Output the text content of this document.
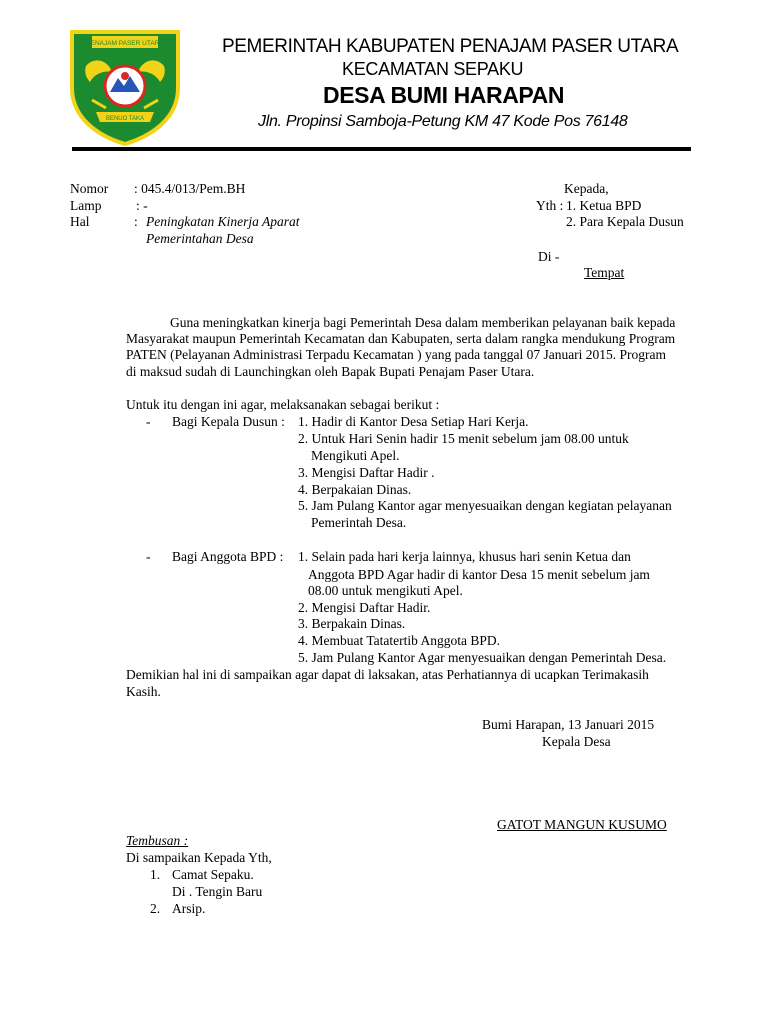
PENAJAM PASER UTARA
BENUO TAKA
PEMERINTAH KABUPATEN PENAJAM PASER UTARA
KECAMATAN SEPAKU
DESA BUMI HARAPAN
Jln. Propinsi Samboja-Petung KM 47 Kode Pos 76148
Nomor : 045.4/013/Pem.BH
Lamp	: -
Hal	: Peningkatan Kinerja Aparat
Pemerintahan Desa
Kepada,
Yth : 1. Ketua BPD
2. Para Kepala Dusun
Di -
Tempat
Guna meningkatkan kinerja bagi Pemerintah Desa dalam memberikan pelayanan baik kepada
Masyarakat maupun Pemerintah Kecamatan dan Kabupaten, serta dalam rangka mendukung Program
PATEN (Pelayanan Administrasi Terpadu Kecamatan ) yang pada tanggal 07 Januari 2015. Program
di maksud sudah di Launchingkan oleh Bapak Bupati Penajam Paser Utara.
Untuk itu dengan ini agar, melaksanakan sebagai berikut :
- Bagi Kepala Dusun : 1. Hadir di Kantor Desa Setiap Hari Kerja.
2. Untuk Hari Senin hadir 15 menit sebelum jam 08.00 untuk
Mengikuti Apel.
3. Mengisi Daftar Hadir .
4. Berpakaian Dinas.
5. Jam Pulang Kantor agar menyesuaikan dengan kegiatan pelayanan
Pemerintah Desa.
- Bagi Anggota BPD : 1. Selain pada hari kerja lainnya, khusus hari senin Ketua dan
Anggota BPD Agar hadir di kantor Desa 15 menit sebelum jam
08.00 untuk mengikuti Apel.
2. Mengisi Daftar Hadir.
3. Berpakain Dinas.
4. Membuat Tatatertib Anggota BPD.
5. Jam Pulang Kantor Agar menyesuaikan dengan Pemerintah Desa.
Demikian hal ini di sampaikan agar dapat di laksakan, atas Perhatiannya di ucapkan Terimakasih
Kasih.
Bumi Harapan, 13 Januari 2015
Kepala Desa
GATOT MANGUN KUSUMO
Tembusan :
Di sampaikan Kepada Yth,
1. Camat Sepaku.
Di . Tengin Baru
2. Arsip.
